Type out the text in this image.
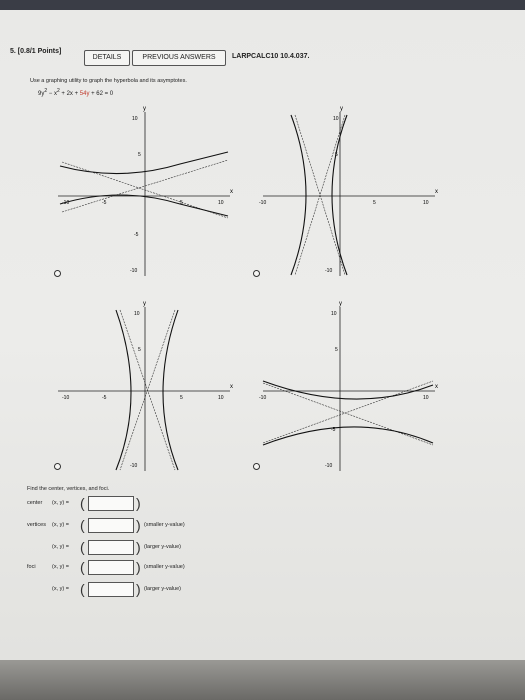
5. [0.8/1 Points]
DETAILS	PREVIOUS ANSWERS	LARPCALC10 10.4.037.
Use a graphing utility to graph the hyperbola and its asymptotes.
$9y^2 - x^2 + 2x + 54y + 62 = 0$
y
x
10
5
-5
-10
-10	-5	5	10
y
x
10
5
-10
-10	5	10
y
x
10
5
-10
-10	-5	5	10
y
x
10
5
-5
-10
-10	10
Find the center, vertices, and foci.
center (x, y) = (	)
vertices (x, y) = (	) (smaller y-value)
(x, y) = (	) (larger y-value)
foci	(x, y) = (	) (smaller y-value)
(x, y) = (	) (larger y-value)
